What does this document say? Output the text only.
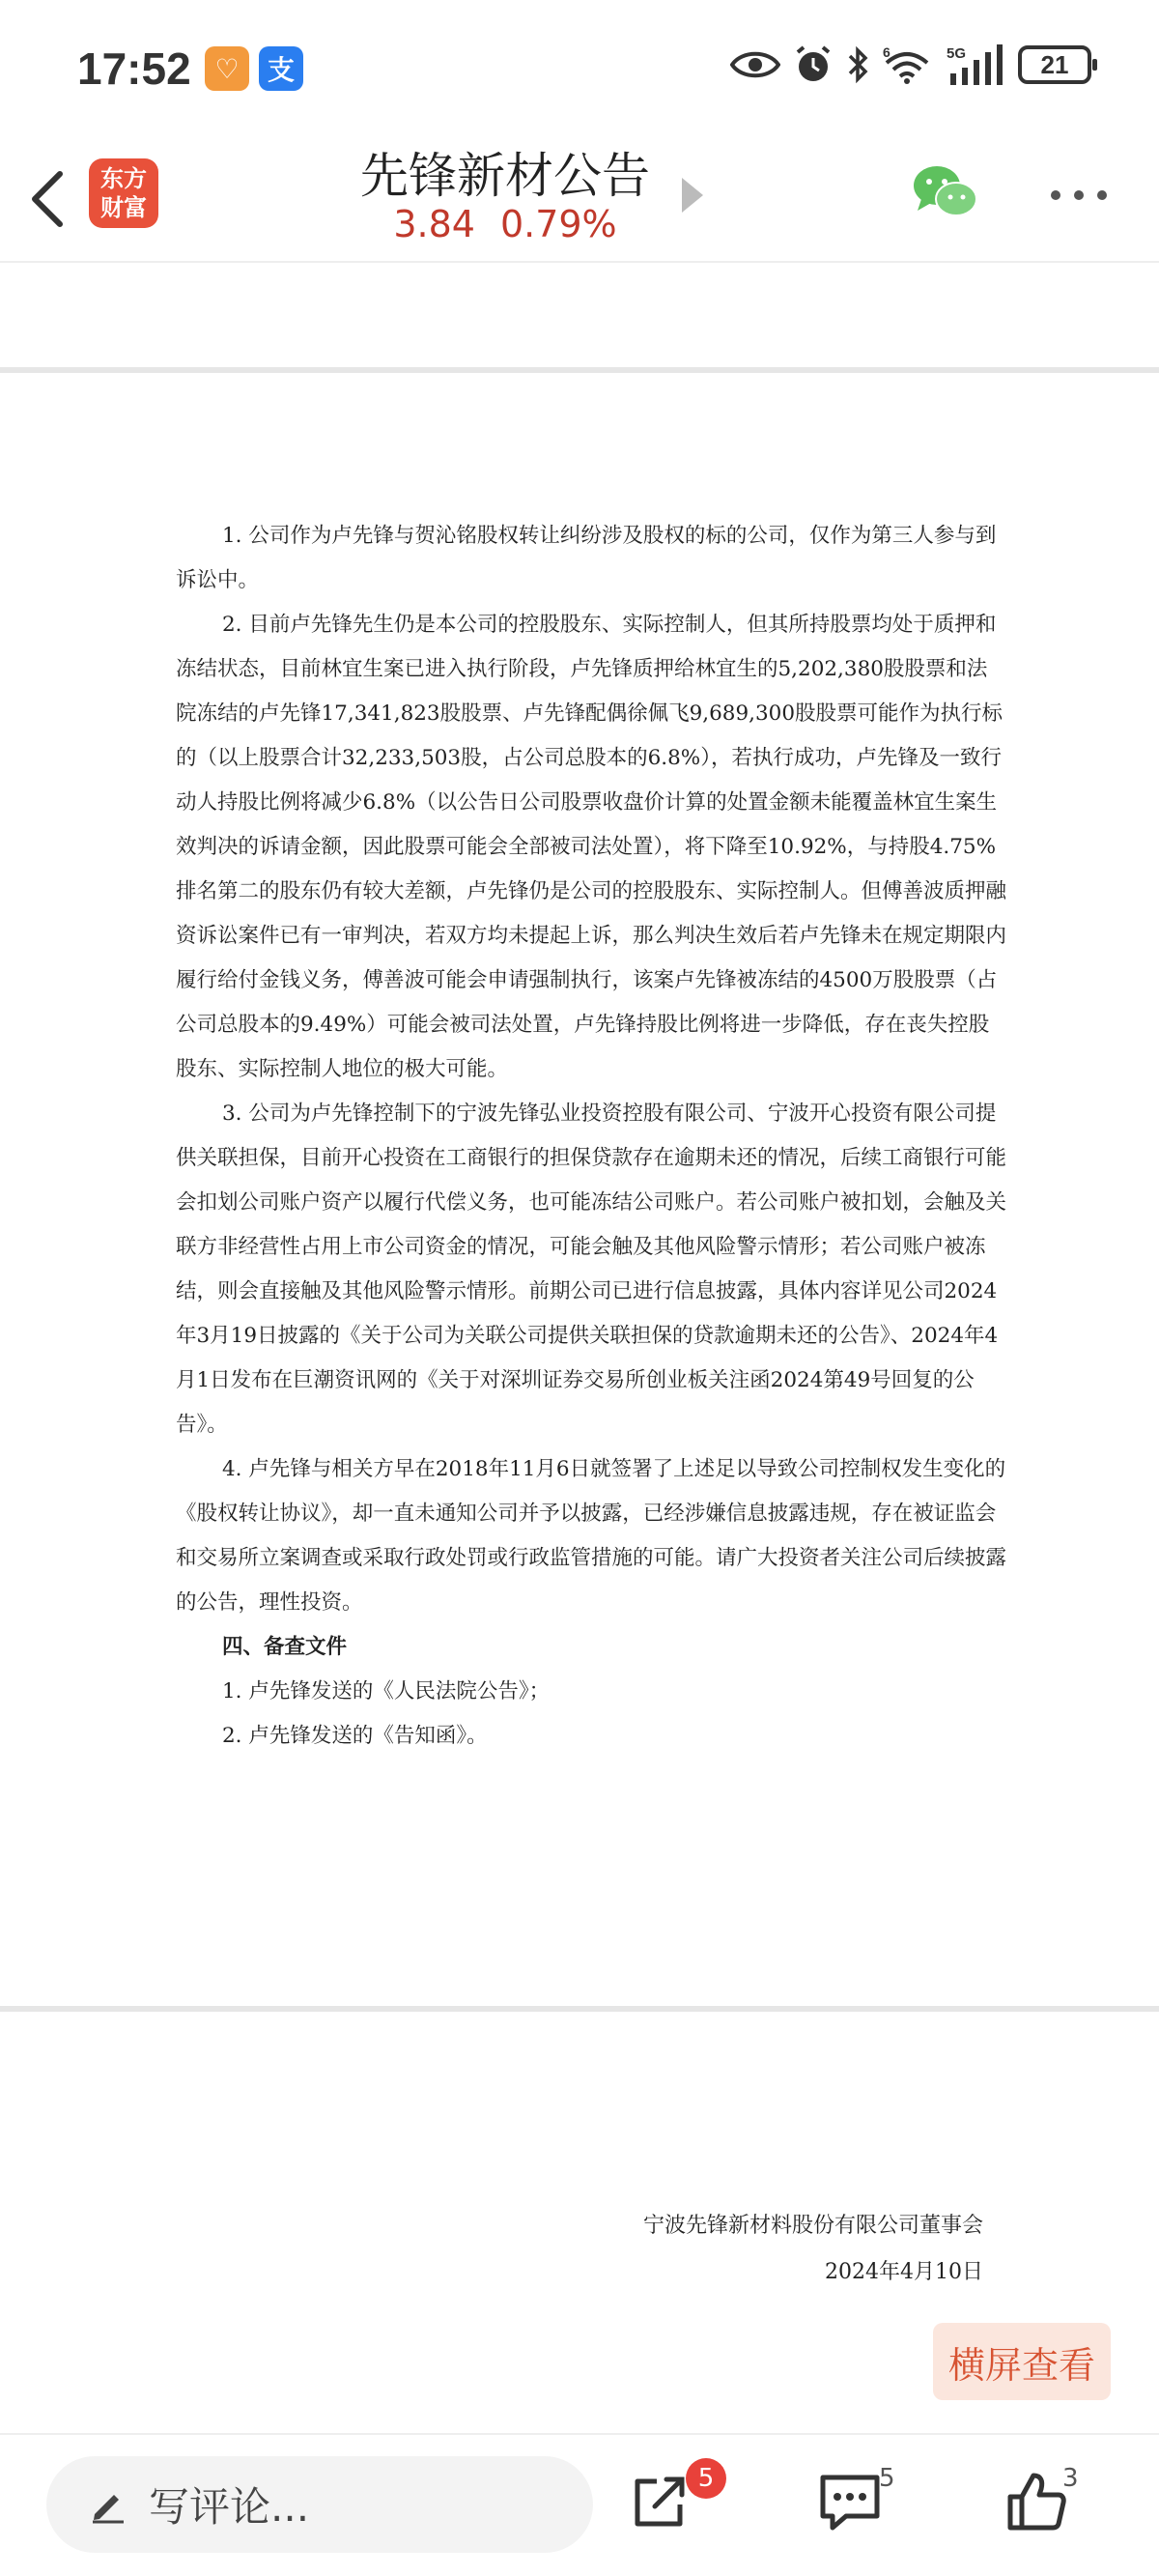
17:52 ♡	支
6	5G	21
东方
财富
先锋新材公告
3.84 0.79%

1. 公司作为卢先锋与贺沁铭股权转让纠纷涉及股权的标的公司，仅作为第三人参与到诉讼中。

2. 目前卢先锋先生仍是本公司的控股股东、实际控制人，但其所持股票均处于质押和冻结状态，目前林宜生案已进入执行阶段，卢先锋质押给林宜生的5,202,380股股票和法院冻结的卢先锋17,341,823股股票、卢先锋配偶徐佩飞9,689,300股股票可能作为执行标的（以上股票合计32,233,503股，占公司总股本的6.8%），若执行成功，卢先锋及一致行动人持股比例将减少6.8%（以公告日公司股票收盘价计算的处置金额未能覆盖林宜生案生效判决的诉请金额，因此股票可能会全部被司法处置），将下降至10.92%，与持股4.75%排名第二的股东仍有较大差额，卢先锋仍是公司的控股股东、实际控制人。但傅善波质押融资诉讼案件已有一审判决，若双方均未提起上诉，那么判决生效后若卢先锋未在规定期限内履行给付金钱义务，傅善波可能会申请强制执行，该案卢先锋被冻结的4500万股股票（占公司总股本的9.49%）可能会被司法处置，卢先锋持股比例将进一步降低，存在丧失控股股东、实际控制人地位的极大可能。

3. 公司为卢先锋控制下的宁波先锋弘业投资控股有限公司、宁波开心投资有限公司提供关联担保，目前开心投资在工商银行的担保贷款存在逾期未还的情况，后续工商银行可能会扣划公司账户资产以履行代偿义务，也可能冻结公司账户。若公司账户被扣划，会触及关联方非经营性占用上市公司资金的情况，可能会触及其他风险警示情形；若公司账户被冻结，则会直接触及其他风险警示情形。前期公司已进行信息披露，具体内容详见公司2024年3月19日披露的《关于公司为关联公司提供关联担保的贷款逾期未还的公告》、2024年4月1日发布在巨潮资讯网的《关于对深圳证券交易所创业板关注函2024第49号回复的公告》。

4. 卢先锋与相关方早在2018年11月6日就签署了上述足以导致公司控制权发生变化的《股权转让协议》，却一直未通知公司并予以披露，已经涉嫌信息披露违规，存在被证监会和交易所立案调查或采取行政处罚或行政监管措施的可能。请广大投资者关注公司后续披露的公告，理性投资。

四、备查文件

1. 卢先锋发送的《人民法院公告》；

2. 卢先锋发送的《告知函》。

宁波先锋新材料股份有限公司董事会
2024年4月10日
横屏查看
写评论...
5	5	3
